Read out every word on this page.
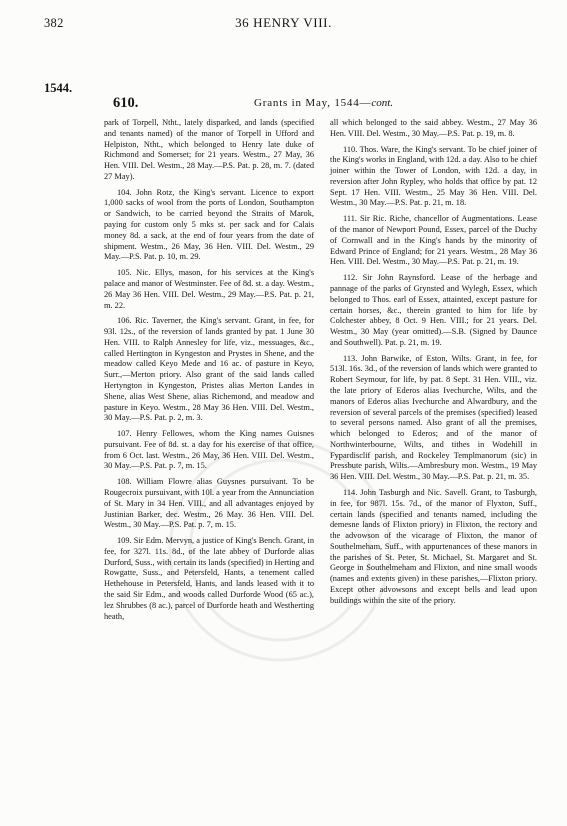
382	36 HENRY VIII.
1544.
610.	Grants in May, 1544—cont.

park of Torpell, Ntht., lately disparked, and lands (specified and tenants named) of the manor of Torpell in Ufford and Helpiston, Ntht., which belonged to Henry late duke of Richmond and Somerset; for 21 years. Westm., 27 May, 36 Hen. VIII. Del. Westm., 28 May.—P.S. Pat. p. 28, m. 7. (dated 27 May).

104. John Rotz, the King's servant. Licence to export 1,000 sacks of wool from the ports of London, Southampton or Sandwich, to be carried beyond the Straits of Marok, paying for custom only 5 mks st. per sack and for Calais money 8d. a sack, at the end of four years from the date of shipment. Westm., 26 May, 36 Hen. VIII. Del. Westm., 29 May.—P.S. Pat. p. 10, m. 29.

105. Nic. Ellys, mason, for his services at the King's palace and manor of Westminster. Fee of 8d. st. a day. Westm., 26 May 36 Hen. VIII. Del. Westm., 29 May.—P.S. Pat. p. 21, m. 22.

106. Ric. Taverner, the King's servant. Grant, in fee, for 93l. 12s., of the reversion of lands granted by pat. 1 June 30 Hen. VIII. to Ralph Annesley for life, viz., messuages, &c., called Hertington in Kyngeston and Prystes in Shene, and the meadow called Keyo Mede and 16 ac. of pasture in Keyo, Surr.,—Merton priory. Also grant of the said lands called Hertyngton in Kyngeston, Pristes alias Merton Landes in Shene, alias West Shene, alias Richemond, and meadow and pasture in Keyo. Westm., 28 May 36 Hen. VIII. Del. Westm., 30 May.—P.S. Pat. p. 2, m. 3.

107. Henry Fellowes, whom the King names Guisnes pursuivant. Fee of 8d. st. a day for his exercise of that office, from 6 Oct. last. Westm., 26 May, 36 Hen. VIII. Del. Westm., 30 May.—P.S. Pat. p. 7, m. 15.

108. William Flowre alias Guysnes pursuivant. To be Rougecroix pursuivant, with 10l. a year from the Annunciation of St. Mary in 34 Hen. VIII., and all advantages enjoyed by Justinian Barker, dec. Westm., 26 May. 36 Hen. VIII. Del. Westm., 30 May.—P.S. Pat. p. 7, m. 15.

109. Sir Edm. Mervyn, a justice of King's Bench. Grant, in fee, for 327l. 11s. 8d., of the late abbey of Durforde alias Durford, Suss., with certain its lands (specified) in Herting and Rowgatte, Suss., and Petersfeld, Hants, a tenement called Hethehouse in Petersfeld, Hants, and lands leased with it to the said Sir Edm., and woods called Durforde Wood (65 ac.), lez Shrubbes (8 ac.), parcel of Durforde heath and Westherting heath,

all which belonged to the said abbey. Westm., 27 May 36 Hen. VIII. Del. Westm., 30 May.—P.S. Pat. p. 19, m. 8.

110. Thos. Ware, the King's servant. To be chief joiner of the King's works in England, with 12d. a day. Also to be chief joiner within the Tower of London, with 12d. a day, in reversion after John Rypley, who holds that office by pat. 12 Sept. 17 Hen. VIII. Westm., 25 May 36 Hen. VIII. Del. Westm., 30 May.—P.S. Pat. p. 21, m. 18.

111. Sir Ric. Riche, chancellor of Augmentations. Lease of the manor of Newport Pound, Essex, parcel of the Duchy of Cornwall and in the King's hands by the minority of Edward Prince of England; for 21 years. Westm., 28 May 36 Hen. VIII. Del. Westm., 30 May.—P.S. Pat. p. 21, m. 19.

112. Sir John Raynsford. Lease of the herbage and pannage of the parks of Grynsted and Wylegh, Essex, which belonged to Thos. earl of Essex, attainted, except pasture for certain horses, &c., therein granted to him for life by Colchester abbey, 8 Oct. 9 Hen. VIII.; for 21 years. Del. Westm., 30 May (year omitted).—S.B. (Signed by Daunce and Southwell). Pat. p. 21, m. 19.

113. John Barwike, of Eston, Wilts. Grant, in fee, for 513l. 16s. 3d., of the reversion of lands which were granted to Robert Seymour, for life, by pat. 8 Sept. 31 Hen. VIII., viz. the late priory of Ederos alias Ivechurche, Wilts, and the manors of Ederos alias Ivechurche and Alwardbury, and the reversion of several parcels of the premises (specified) leased to several persons named. Also grant of all the premises, which belonged to Ederos; and of the manor of Northwinterbourne, Wilts, and tithes in Wodehill in Fypardisclif parish, and Rockeley Templmanorum (sic) in Pressbute parish, Wilts.—Ambresbury mon. Westm., 19 May 36 Hen. VIII. Del. Westm., 30 May.—P.S. Pat. p. 21, m. 35.

114. John Tasburgh and Nic. Savell. Grant, to Tasburgh, in fee, for 987l. 15s. 7d., of the manor of Flyxton, Suff., certain lands (specified and tenants named, including the demesne lands of Flixton priory) in Flixton, the rectory and the advowson of the vicarage of Flixton, the manor of Southelmeham, Suff., with appurtenances of these manors in the parishes of St. Peter, St. Michael, St. Margaret and St. George in Southelmeham and Flixton, and nine small woods (names and extents given) in these parishes,—Flixton priory. Except other advowsons and except bells and lead upon buildings within the site of the priory.
